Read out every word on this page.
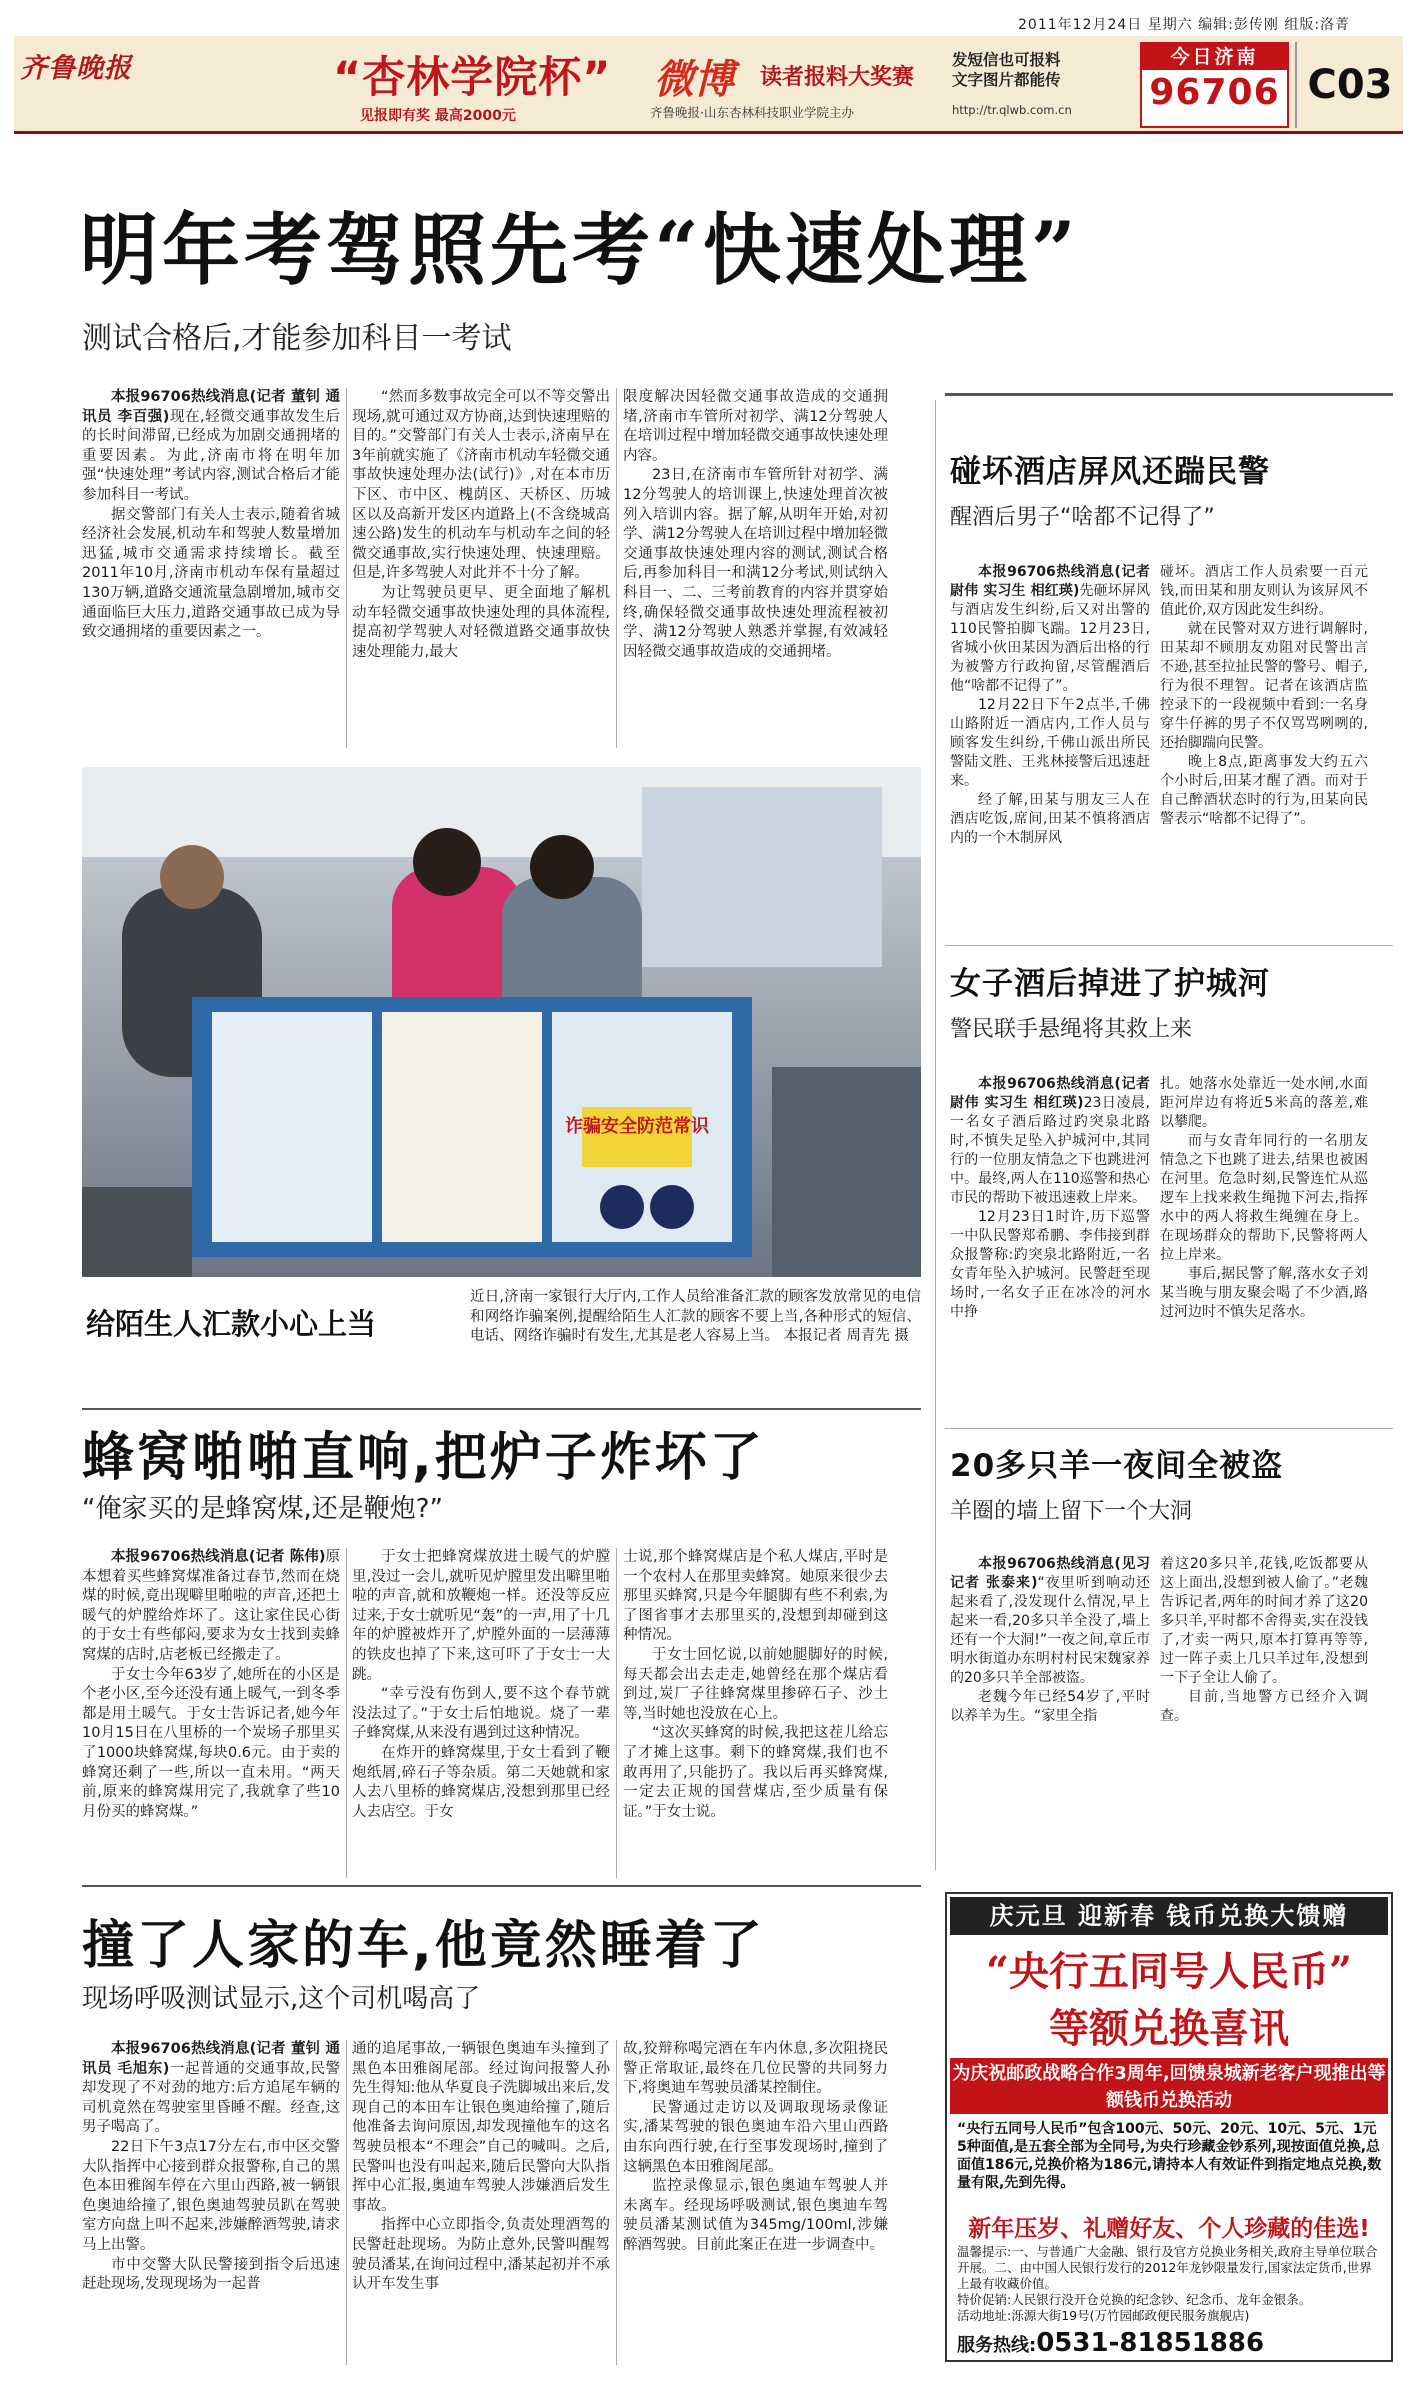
2011年12月24日 星期六 编辑:彭传刚 组版:洛菁
齐鲁晚报	“杏林学院杯”
见报即有奖 最高2000元
微博	读者报料大奖赛
齐鲁晚报·山东杏林科技职业学院主办
发短信也可报料
文字图片都能传
http://tr.qlwb.com.cn
今日济南
96706 C03
明年考驾照先考“快速处理”
测试合格后,才能参加科目一考试

本报96706热线消息(记者 董钊 通讯员 李百强)现在,轻微交通事故发生后的长时间滞留,已经成为加剧交通拥堵的重要因素。为此,济南市将在明年加强“快速处理”考试内容,测试合格后才能参加科目一考试。

据交警部门有关人士表示,随着省城经济社会发展,机动车和驾驶人数量增加迅猛,城市交通需求持续增长。截至2011年10月,济南市机动车保有量超过130万辆,道路交通流量急剧增加,城市交通面临巨大压力,道路交通事故已成为导致交通拥堵的重要因素之一。

“然而多数事故完全可以不等交警出现场,就可通过双方协商,达到快速理赔的目的。”交警部门有关人士表示,济南早在3年前就实施了《济南市机动车轻微交通事故快速处理办法(试行)》,对在本市历下区、市中区、槐荫区、天桥区、历城区以及高新开发区内道路上(不含绕城高速公路)发生的机动车与机动车之间的轻微交通事故,实行快速处理、快速理赔。但是,许多驾驶人对此并不十分了解。

为让驾驶员更早、更全面地了解机动车轻微交通事故快速处理的具体流程,提高初学驾驶人对轻微道路交通事故快速处理能力,最大

限度解决因轻微交通事故造成的交通拥堵,济南市车管所对初学、满12分驾驶人在培训过程中增加轻微交通事故快速处理内容。

23日,在济南市车管所针对初学、满12分驾驶人的培训课上,快速处理首次被列入培训内容。据了解,从明年开始,对初学、满12分驾驶人在培训过程中增加轻微交通事故快速处理内容的测试,测试合格后,再参加科目一和满12分考试,则试纳入科目一、二、三考前教育的内容并贯穿始终,确保轻微交通事故快速处理流程被初学、满12分驾驶人熟悉并掌握,有效减轻因轻微交通事故造成的交通拥堵。

诈骗安全防范常识
给陌生人汇款小心上当
近日,济南一家银行大厅内,工作人员给准备汇款的顾客发放常见的电信和网络诈骗案例,提醒给陌生人汇款的顾客不要上当,各种形式的短信、电话、网络诈骗时有发生,尤其是老人容易上当。 本报记者 周青先 摄
碰坏酒店屏风还踹民警
醒酒后男子“啥都不记得了”

本报96706热线消息(记者 尉伟 实习生 相红瑛)先砸坏屏风与酒店发生纠纷,后又对出警的110民警拍脚飞踹。12月23日,省城小伙田某因为酒后出格的行为被警方行政拘留,尽管醒酒后他“啥都不记得了”。

12月22日下午2点半,千佛山路附近一酒店内,工作人员与顾客发生纠纷,千佛山派出所民警陆文胜、王兆林接警后迅速赶来。

经了解,田某与朋友三人在酒店吃饭,席间,田某不慎将酒店内的一个木制屏风

碰坏。酒店工作人员索要一百元钱,而田某和朋友则认为该屏风不值此价,双方因此发生纠纷。

就在民警对双方进行调解时,田某却不顾朋友劝阻对民警出言不逊,甚至拉扯民警的警号、帽子,行为很不理智。记者在该酒店监控录下的一段视频中看到:一名身穿牛仔裤的男子不仅骂骂咧咧的,还抬脚踹向民警。

晚上8点,距离事发大约五六个小时后,田某才醒了酒。而对于自己醉酒状态时的行为,田某向民警表示“啥都不记得了”。

女子酒后掉进了护城河
警民联手悬绳将其救上来

本报96706热线消息(记者 尉伟 实习生 相红瑛)23日凌晨,一名女子酒后路过趵突泉北路时,不慎失足坠入护城河中,其同行的一位朋友情急之下也跳进河中。最终,两人在110巡警和热心市民的帮助下被迅速救上岸来。

12月23日1时许,历下巡警一中队民警郑希鹏、李伟接到群众报警称:趵突泉北路附近,一名女青年坠入护城河。民警赶至现场时,一名女子正在冰冷的河水中挣

扎。她落水处靠近一处水闸,水面距河岸边有将近5米高的落差,难以攀爬。

而与女青年同行的一名朋友情急之下也跳了进去,结果也被困在河里。危急时刻,民警连忙从巡逻车上找来救生绳抛下河去,指挥水中的两人将救生绳缠在身上。在现场群众的帮助下,民警将两人拉上岸来。

事后,据民警了解,落水女子刘某当晚与朋友聚会喝了不少酒,路过河边时不慎失足落水。

20多只羊一夜间全被盗
羊圈的墙上留下一个大洞

本报96706热线消息(见习记者 张泰来)“夜里听到响动还起来看了,没发现什么情况,早上起来一看,20多只羊全没了,墙上还有一个大洞!”一夜之间,章丘市明水街道办东明村村民宋魏家养的20多只羊全部被盗。

老魏今年已经54岁了,平时以养羊为生。“家里全指

着这20多只羊,花钱,吃饭都要从这上面出,没想到被人偷了。”老魏告诉记者,两年的时间才养了这20多只羊,平时都不舍得卖,实在没钱了,才卖一两只,原本打算再等等,过一阵子卖上几只羊过年,没想到一下子全让人偷了。

目前,当地警方已经介入调查。

蜂窝啪啪直响,把炉子炸坏了
“俺家买的是蜂窝煤,还是鞭炮?”

本报96706热线消息(记者 陈伟)原本想着买些蜂窝煤准备过春节,然而在烧煤的时候,竟出现噼里啪啦的声音,还把土暖气的炉膛给炸坏了。这让家住民心街的于女士有些郁闷,要求为女士找到卖蜂窝煤的店时,店老板已经搬走了。

于女士今年63岁了,她所在的小区是个老小区,至今还没有通上暖气,一到冬季都是用土暖气。于女士告诉记者,她今年10月15日在八里桥的一个炭场子那里买了1000块蜂窝煤,每块0.6元。由于卖的蜂窝还剩了一些,所以一直未用。“两天前,原来的蜂窝煤用完了,我就拿了些10月份买的蜂窝煤。”

于女士把蜂窝煤放进土暖气的炉膛里,没过一会儿,就听见炉膛里发出噼里啪啦的声音,就和放鞭炮一样。还没等反应过来,于女士就听见“轰”的一声,用了十几年的炉膛被炸开了,炉膛外面的一层薄薄的铁皮也掉了下来,这可吓了于女士一大跳。

“幸亏没有伤到人,要不这个春节就没法过了。”于女士后怕地说。烧了一辈子蜂窝煤,从来没有遇到过这种情况。

在炸开的蜂窝煤里,于女士看到了鞭炮纸屑,碎石子等杂质。第二天她就和家人去八里桥的蜂窝煤店,没想到那里已经人去店空。于女

士说,那个蜂窝煤店是个私人煤店,平时是一个农村人在那里卖蜂窝。她原来很少去那里买蜂窝,只是今年腿脚有些不利索,为了图省事才去那里买的,没想到却碰到这种情况。

于女士回忆说,以前她腿脚好的时候,每天都会出去走走,她曾经在那个煤店看到过,炭厂子往蜂窝煤里掺碎石子、沙土等,当时她也没放在心上。

“这次买蜂窝的时候,我把这茬儿给忘了才摊上这事。剩下的蜂窝煤,我们也不敢再用了,只能扔了。我以后再买蜂窝煤,一定去正规的国营煤店,至少质量有保证。”于女士说。

撞了人家的车,他竟然睡着了
现场呼吸测试显示,这个司机喝高了

本报96706热线消息(记者 董钊 通讯员 毛旭东)一起普通的交通事故,民警却发现了不对劲的地方:后方追尾车辆的司机竟然在驾驶室里昏睡不醒。经查,这男子喝高了。

22日下午3点17分左右,市中区交警大队指挥中心接到群众报警称,自己的黑色本田雅阁车停在六里山西路,被一辆银色奥迪给撞了,银色奥迪驾驶员趴在驾驶室方向盘上叫不起来,涉嫌醉酒驾驶,请求马上出警。

市中交警大队民警接到指令后迅速赶赴现场,发现现场为一起普

通的追尾事故,一辆银色奥迪车头撞到了黑色本田雅阁尾部。经过询问报警人孙先生得知:他从华夏良子洗脚城出来后,发现自己的本田车让银色奥迪给撞了,随后他准备去询问原因,却发现撞他车的这名驾驶员根本“不理会”自己的喊叫。之后,民警叫也没有叫起来,随后民警向大队指挥中心汇报,奥迪车驾驶人涉嫌酒后发生事故。

指挥中心立即指令,负责处理酒驾的民警赶赴现场。为防止意外,民警叫醒驾驶员潘某,在询问过程中,潘某起初并不承认开车发生事

故,狡辩称喝完酒在车内休息,多次阻挠民警正常取证,最终在几位民警的共同努力下,将奥迪车驾驶员潘某控制住。

民警通过走访以及调取现场录像证实,潘某驾驶的银色奥迪车沿六里山西路由东向西行驶,在行至事发现场时,撞到了这辆黑色本田雅阁尾部。

监控录像显示,银色奥迪车驾驶人并未离车。经现场呼吸测试,银色奥迪车驾驶员潘某测试值为345mg/100ml,涉嫌醉酒驾驶。目前此案正在进一步调查中。

庆元旦 迎新春 钱币兑换大馈赠
“央行五同号人民币”
等额兑换喜讯
为庆祝邮政战略合作3周年,回馈泉城新老客户现推出等额钱币兑换活动
“央行五同号人民币”包含100元、50元、20元、10元、5元、1元5种面值,是五套全部为全同号,为央行珍藏金钞系列,现按面值兑换,总面值186元,兑换价格为186元,请持本人有效证件到指定地点兑换,数量有限,先到先得。
新年压岁、礼赠好友、个人珍藏的佳选!
温馨提示:一、与普通广大金融、银行及官方兑换业务相关,政府主导单位联合开展。二、由中国人民银行发行的2012年龙钞限量发行,国家法定货币,世界上最有收藏价值。
特价促销:人民银行没开仓兑换的纪念钞、纪念币、龙年金银条。
活动地址:泺源大街19号(万竹园邮政便民服务旗舰店)
服务热线:0531-81851886
